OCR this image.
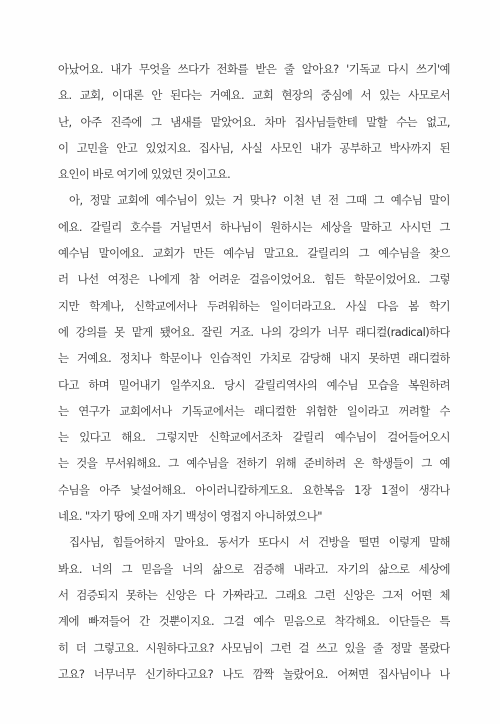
아났어요. 내가 무엇을 쓰다가 전화를 받은 줄 알아요? '기독교 다시 쓰기'예
요. 교회, 이대론 안 된다는 거예요. 교회 현장의 중심에 서 있는 사모로서
난, 아주 진즉에 그 냄새를 맡았어요. 차마 집사님들한테 말할 수는 없고,
이 고민을 안고 있었지요. 집사님, 사실 사모인 내가 공부하고 박사까지 된
요인이 바로 여기에 있었던 것이고요.
아, 정말 교회에 예수님이 있는 거 맞나? 이천 년 전 그때 그 예수님 말이
에요. 갈릴리 호수를 거닐면서 하나님이 원하시는 세상을 말하고 사시던 그
예수님 말이에요. 교회가 만든 예수님 말고요. 갈릴리의 그 예수님을 찾으
러 나선 여정은 나에게 참 어려운 걸음이었어요. 힘든 학문이었어요. 그렇
지만 학계나, 신학교에서나 두려워하는 일이더라고요. 사실 다음 봄 학기
에 강의를 못 맡게 됐어요. 잘린 거죠. 나의 강의가 너무 래디컬(radical)하다
는 거예요. 정치나 학문이나 인습적인 가치로 감당해 내지 못하면 래디컬하
다고 하며 밀어내기 일쑤지요. 당시 갈릴리역사의 예수님 모습을 복원하려
는 연구가 교회에서나 기독교에서는 래디컬한 위험한 일이라고 꺼려할 수
는 있다고 해요. 그렇지만 신학교에서조차 갈릴리 예수님이 걸어들어오시
는 것을 무서워해요. 그 예수님을 전하기 위해 준비하려 온 학생들이 그 예
수님을 아주 낯설어해요. 아이러니칼하게도요. 요한복음 1장 1절이 생각나
네요. "자기 땅에 오매 자기 백성이 영접지 아니하였으나"
집사님, 힘들어하지 말아요. 동서가 또다시 서 건방을 떨면 이렇게 말해
봐요. 너의 그 믿음을 너의 삶으로 검증해 내라고. 자기의 삶으로 세상에
서 검증되지 못하는 신앙은 다 가짜라고. 그래요 그런 신앙은 그저 어떤 체
계에 빠져들어 간 것뿐이지요. 그걸 예수 믿음으로 착각해요. 이단들은 특
히 더 그렇고요. 시원하다고요? 사모님이 그런 걸 쓰고 있을 줄 정말 몰랐다
고요? 너무너무 신기하다고요? 나도 깜짝 놀랐어요. 어쩌면 집사님이나 나
